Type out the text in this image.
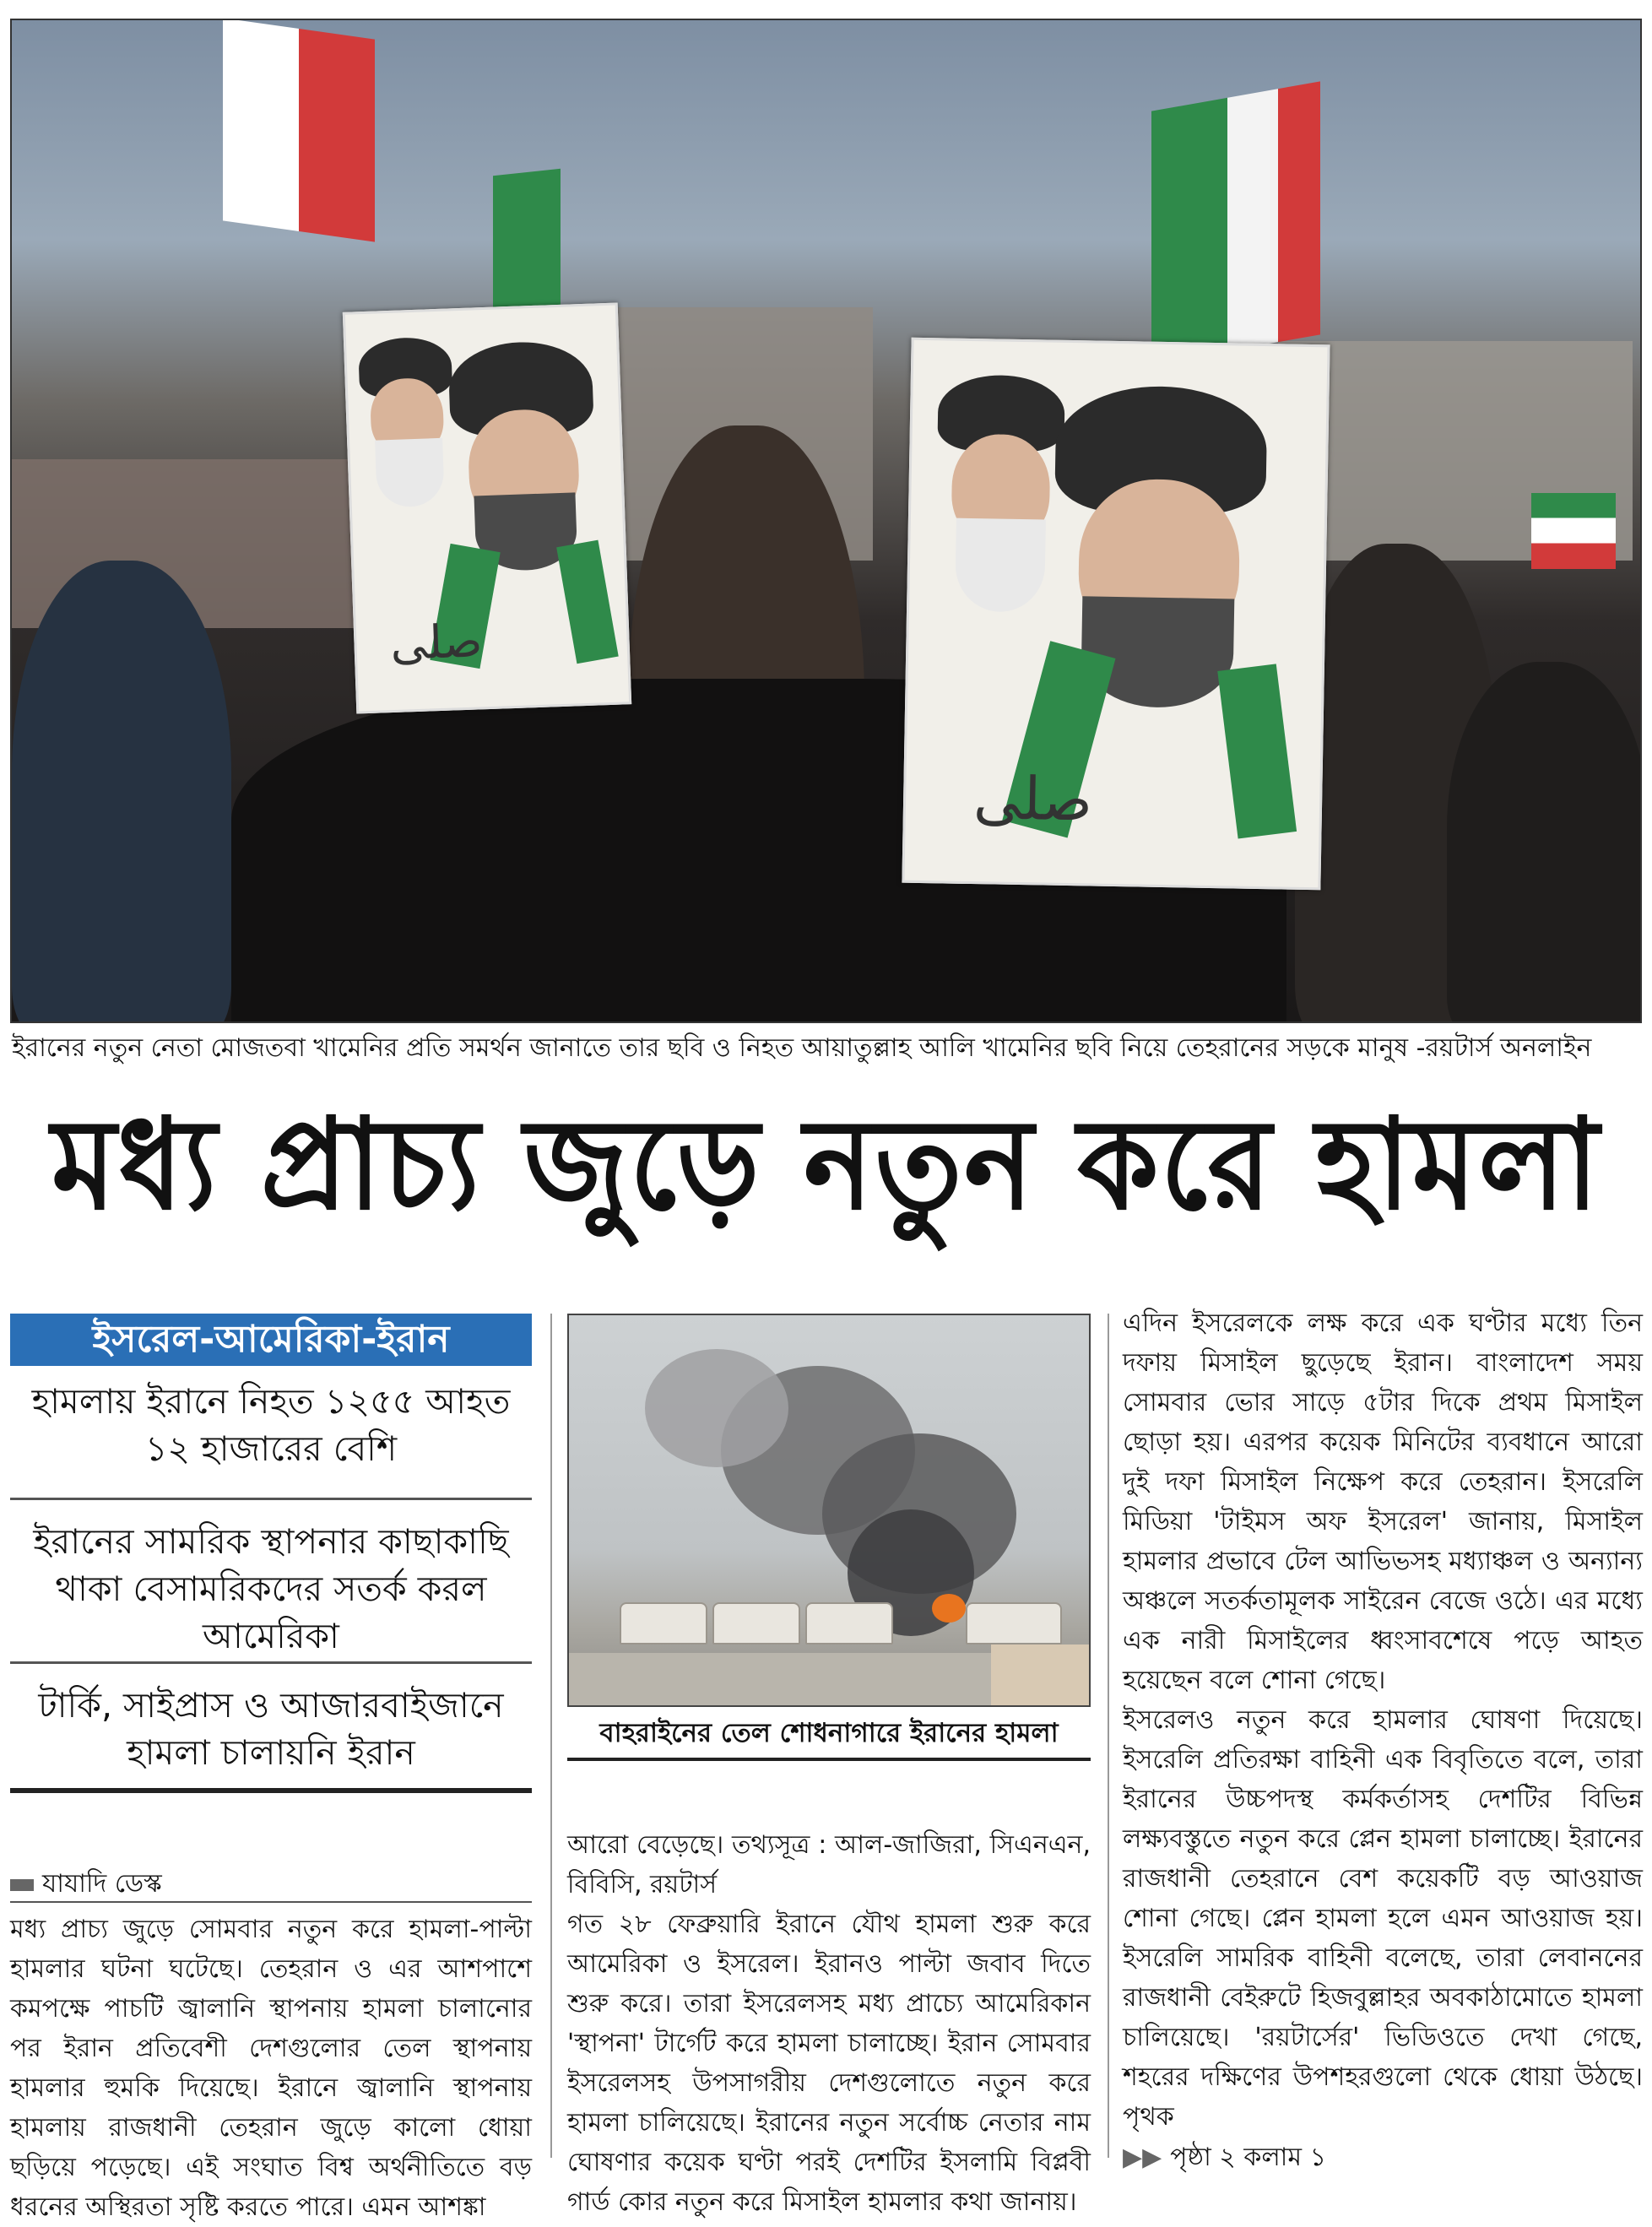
صلی
صلی
ইরানের নতুন নেতা মোজতবা খামেনির প্রতি সমর্থন জানাতে তার ছবি ও নিহত আয়াতুল্লাহ আলি খামেনির ছবি নিয়ে তেহরানের সড়কে মানুষ -রয়টার্স অনলাইন
মধ্য প্রাচ্য জুড়ে নতুন করে হামলা
ইসরেল-আমেরিকা-ইরান
হামলায় ইরানে নিহত ১২৫৫ আহত ১২ হাজারের বেশি
ইরানের সামরিক স্থাপনার কাছাকাছি থাকা বেসামরিকদের সতর্ক করল আমেরিকা
টার্কি, সাইপ্রাস ও আজারবাইজানে হামলা চালায়নি ইরান
যাযাদি ডেস্ক
মধ্য প্রাচ্য জুড়ে সোমবার নতুন করে হামলা-পাল্টা হামলার ঘটনা ঘটেছে। তেহরান ও এর আশপাশে কমপক্ষে পাচটি জ্বালানি স্থাপনায় হামলা চালানোর পর ইরান প্রতিবেশী দেশগুলোর তেল স্থাপনায় হামলার হুমকি দিয়েছে। ইরানে জ্বালানি স্থাপনায় হামলায় রাজধানী তেহরান জুড়ে কালো ধোয়া ছড়িয়ে পড়েছে। এই সংঘাত বিশ্ব অর্থনীতিতে বড় ধরনের অস্থিরতা সৃষ্টি করতে পারে। এমন আশঙ্কা
বাহরাইনের তেল শোধনাগারে ইরানের হামলা
আরো বেড়েছে। তথ্যসূত্র : আল-জাজিরা, সিএনএন, বিবিসি, রয়টার্স
গত ২৮ ফেব্রুয়ারি ইরানে যৌথ হামলা শুরু করে আমেরিকা ও ইসরেল। ইরানও পাল্টা জবাব দিতে শুরু করে। তারা ইসরেলসহ মধ্য প্রাচ্যে আমেরিকান 'স্থাপনা' টার্গেট করে হামলা চালাচ্ছে। ইরান সোমবার ইসরেলসহ উপসাগরীয় দেশগুলোতে নতুন করে হামলা চালিয়েছে। ইরানের নতুন সর্বোচ্চ নেতার নাম ঘোষণার কয়েক ঘণ্টা পরই দেশটির ইসলামি বিপ্লবী গার্ড কোর নতুন করে মিসাইল হামলার কথা জানায়।
এদিন ইসরেলকে লক্ষ করে এক ঘণ্টার মধ্যে তিন দফায় মিসাইল ছুড়েছে ইরান। বাংলাদেশ সময় সোমবার ভোর সাড়ে ৫টার দিকে প্রথম মিসাইল ছোড়া হয়। এরপর কয়েক মিনিটের ব্যবধানে আরো দুই দফা মিসাইল নিক্ষেপ করে তেহরান। ইসরেলি মিডিয়া 'টাইমস অফ ইসরেল' জানায়, মিসাইল হামলার প্রভাবে টেল আভিভসহ মধ্যাঞ্চল ও অন্যান্য অঞ্চলে সতর্কতামূলক সাইরেন বেজে ওঠে। এর মধ্যে এক নারী মিসাইলের ধ্বংসাবশেষে পড়ে আহত হয়েছেন বলে শোনা গেছে।
ইসরেলও নতুন করে হামলার ঘোষণা দিয়েছে। ইসরেলি প্রতিরক্ষা বাহিনী এক বিবৃতিতে বলে, তারা ইরানের উচ্চপদস্থ কর্মকর্তাসহ দেশটির বিভিন্ন লক্ষ্যবস্তুতে নতুন করে প্লেন হামলা চালাচ্ছে। ইরানের রাজধানী তেহরানে বেশ কয়েকটি বড় আওয়াজ শোনা গেছে। প্লেন হামলা হলে এমন আওয়াজ হয়। ইসরেলি সামরিক বাহিনী বলেছে, তারা লেবাননের রাজধানী বেইরুটে হিজবুল্লাহর অবকাঠামোতে হামলা চালিয়েছে। 'রয়টার্সের' ভিডিওতে দেখা গেছে, শহরের দক্ষিণের উপশহরগুলো থেকে ধোয়া উঠছে। পৃথক
▶▶ পৃষ্ঠা ২ কলাম ১
